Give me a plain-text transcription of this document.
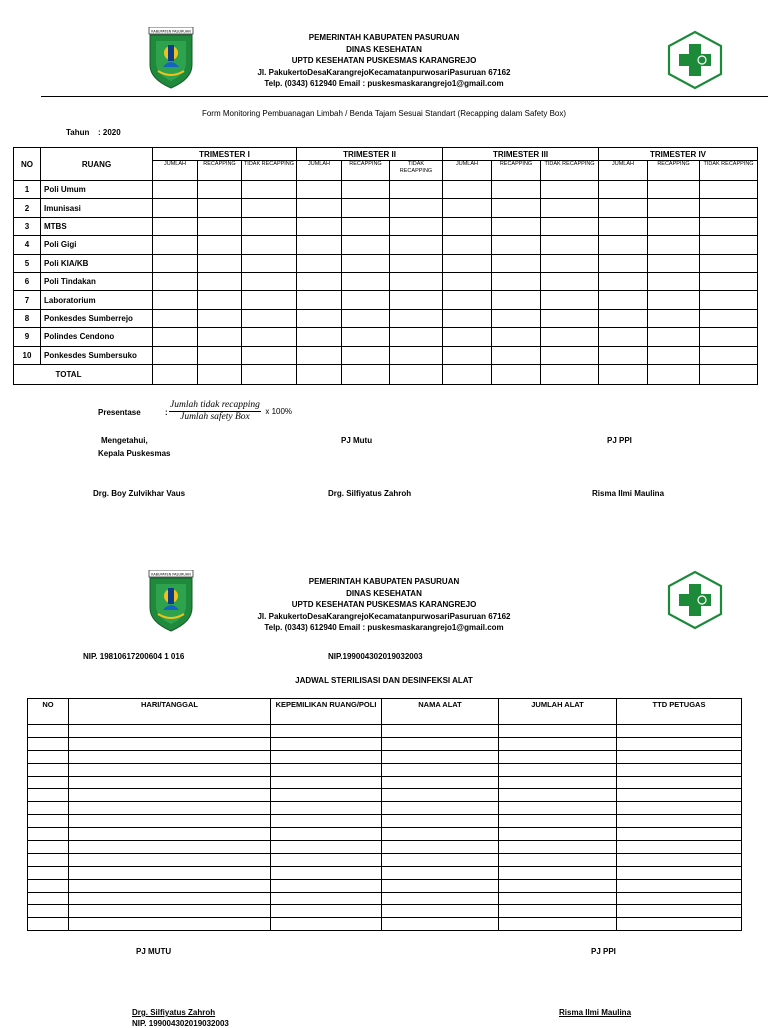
KABUPATEN PASURUAN
PEMERINTAH KABUPATEN PASURUAN
DINAS KESEHATAN
UPTD KESEHATAN PUSKESMAS KARANGREJO
Jl. PakukertoDesaKarangrejoKecamatanpurwosariPasuruan 67162
Telp. (0343) 612940 Email : puskesmaskarangrejo1@gmail.com
Form Monitoring Pembuanagan Limbah / Benda Tajam Sesuai Standart (Recapping dalam Safety Box)
Tahun : 2020
NO	RUANG	TRIMESTER I			TRIMESTER II			TRIMESTER III			TRIMESTER IV		
		JUMLAH	RECAPPING	TIDAK RECAPPING	JUMLAH	RECAPPING	TIDAK RECAPPING	JUMLAH	RECAPPING	TIDAK RECAPPING	JUMLAH	RECAPPING	TIDAK RECAPPING
1	Poli Umum												
2	Imunisasi												
3	MTBS												
4	Poli Gigi												
5	Poli KIA/KB												
6	Poli Tindakan												
7	Laboratorium												
8	Ponkesdes Sumberrejo												
9	Polindes Cendono												
10	Ponkesdes Sumbersuko												
TOTAL													
Presentase	: $\frac{\text{Jumlah tidak recapping}}{\text{Jumlah safety Box}}$ x 100%
Mengetahui,
Kepala Puskesmas
PJ Mutu	PJ PPI
Drg. Boy Zulvikhar Vaus	Drg. Silfiyatus Zahroh	Risma Ilmi Maulina
KABUPATEN PASURUAN
PEMERINTAH KABUPATEN PASURUAN
DINAS KESEHATAN
UPTD KESEHATAN PUSKESMAS KARANGREJO
Jl. PakukertoDesaKarangrejoKecamatanpurwosariPasuruan 67162
Telp. (0343) 612940 Email : puskesmaskarangrejo1@gmail.com
NIP. 19810617200604 1 016	NIP.199004302019032003
JADWAL STERILISASI DAN DESINFEKSI ALAT
NO	HARI/TANGGAL	KEPEMILIKAN RUANG/POLI	NAMA ALAT	JUMLAH ALAT	TTD PETUGAS

PJ MUTU	PJ PPI
Drg. Silfiyatus Zahroh	Risma Ilmi Maulina
NIP. 199004302019032003
